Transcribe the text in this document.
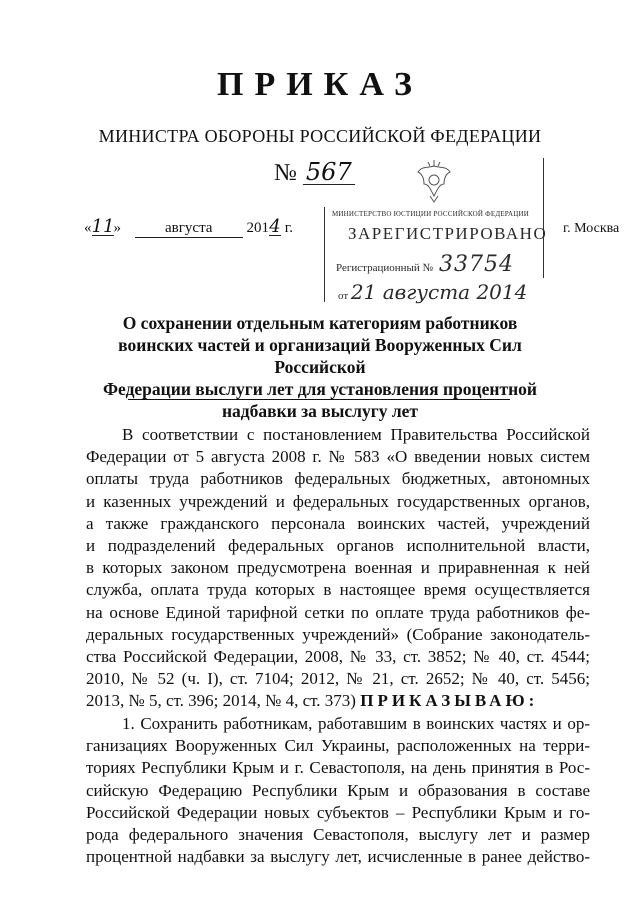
ПРИКАЗ
МИНИСТРА ОБОРОНЫ РОССИЙСКОЙ ФЕДЕРАЦИИ
№ 567
«11»	августа 2014 г.
МИНИСТЕРСТВО ЮСТИЦИИ РОССИЙСКОЙ ФЕДЕРАЦИИ
ЗАРЕГИСТРИРОВАНО
Регистрационный № 33754
от 21 августа 2014
г. Москва
О сохранении отдельным категориям работников
воинских частей и организаций Вооруженных Сил Российской
Федерации выслуги лет для установления процентной
надбавки за выслугу лет
В соответствии с постановлением Правительства Российской
Федерации от 5 августа 2008 г. № 583 «О введении новых систем
оплаты труда работников федеральных бюджетных, автономных
и казенных учреждений и федеральных государственных органов,
а также гражданского персонала воинских частей, учреждений
и подразделений федеральных органов исполнительной власти,
в которых законом предусмотрена военная и приравненная к ней
служба, оплата труда которых в настоящее время осуществляется
на основе Единой тарифной сетки по оплате труда работников фе-
деральных государственных учреждений» (Собрание законодатель-
ства Российской Федерации, 2008, № 33, ст. 3852; № 40, ст. 4544;
2010, № 52 (ч. I), ст. 7104; 2012, № 21, ст. 2652; № 40, ст. 5456;
2013, № 5, ст. 396; 2014, № 4, ст. 373) ПРИКАЗЫВАЮ:
1. Сохранить работникам, работавшим в воинских частях и ор-
ганизациях Вооруженных Сил Украины, расположенных на терри-
ториях Республики Крым и г. Севастополя, на день принятия в Рос-
сийскую Федерацию Республики Крым и образования в составе
Российской Федерации новых субъектов – Республики Крым и го-
рода федерального значения Севастополя, выслугу лет и размер
процентной надбавки за выслугу лет, исчисленные в ранее действо-
